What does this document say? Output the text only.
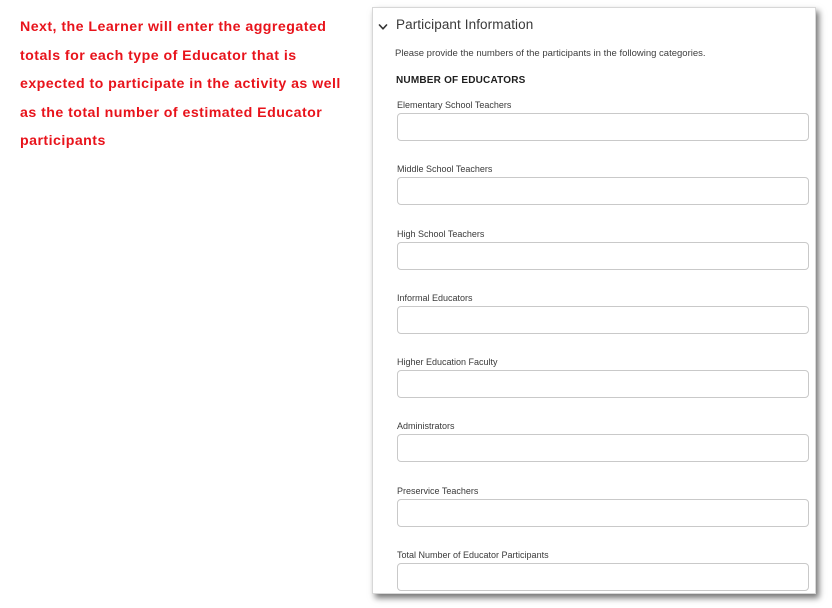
Next, the Learner will enter the aggregated
totals for each type of Educator that is
expected to participate in the activity as well
as the total number of estimated Educator
participants
Participant Information
Please provide the numbers of the participants in the following categories.
NUMBER OF EDUCATORS
Elementary School Teachers
Middle School Teachers
High School Teachers
Informal Educators
Higher Education Faculty
Administrators
Preservice Teachers
Total Number of Educator Participants
